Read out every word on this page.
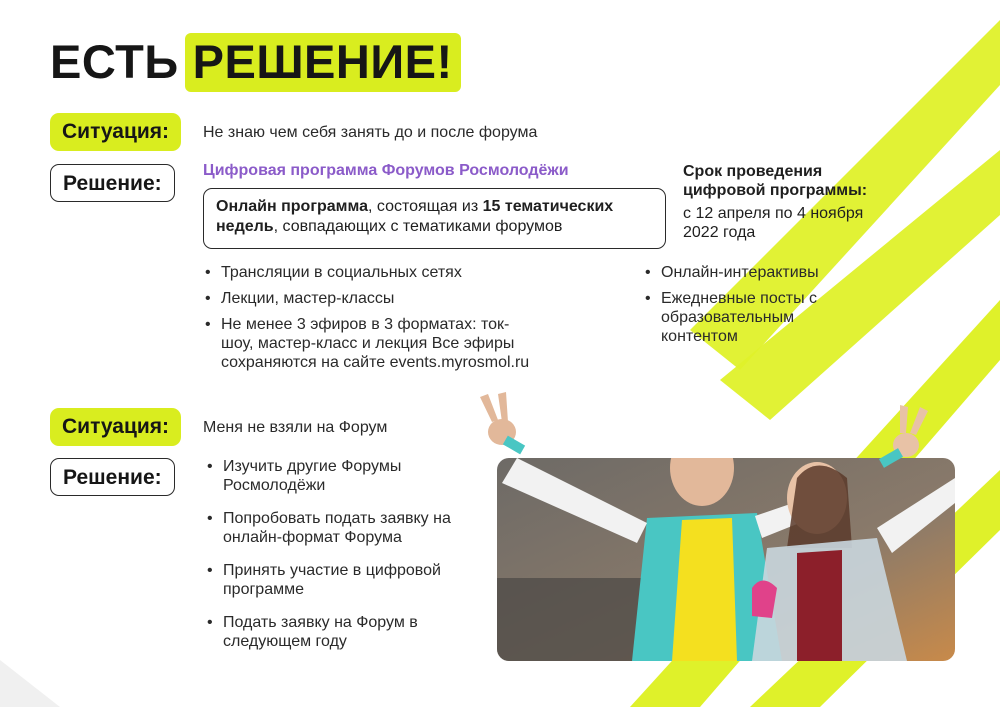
ЕСТЬ РЕШЕНИЕ!
Ситуация:	Не знаю чем себя занять до и после форума
Решение:
Цифровая программа Форумов Росмолодёжи
Онлайн программа, состоящая из 15 тематических недель, совпадающих с тематиками форумов
Срок проведения цифровой программы:
с 12 апреля по 4 ноября 2022 года
• Трансляции в социальных сетях
• Лекции, мастер-классы
• Не менее 3 эфиров в 3 форматах: ток-шоу, мастер-класс и лекция Все эфиры сохраняются на сайте events.myrosmol.ru
• Онлайн-интерактивы
• Ежедневные посты с образовательным контентом
Ситуация:	Меня не взяли на Форум
Решение:
•	Изучить другие Форумы Росмолодёжи
• Попробовать подать заявку на онлайн-формат Форума
• Принять участие в цифровой программе
• Подать заявку на Форум в следующем году
